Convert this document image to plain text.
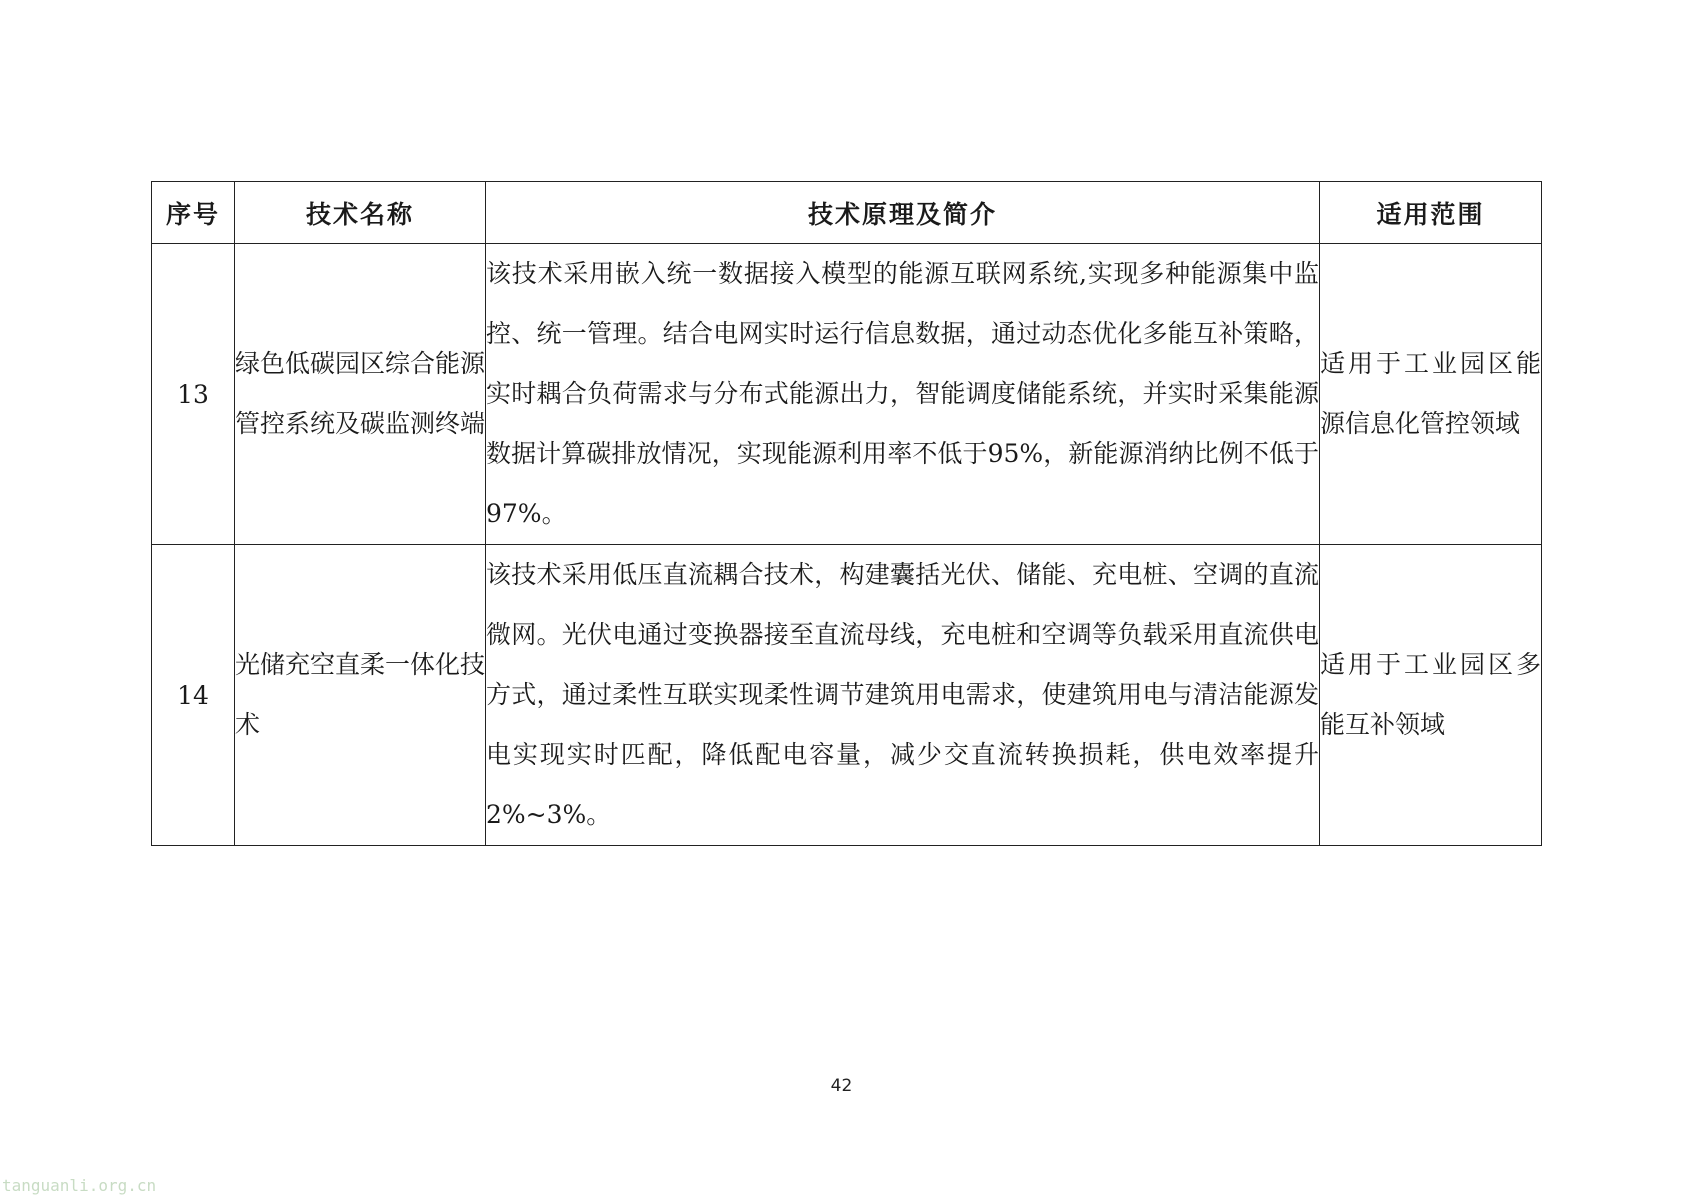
序号	技术名称	技术原理及简介	适用范围
13	绿色低碳园区综合能源管控系统及碳监测终端	该技术采用嵌入统一数据接入模型的能源互联网系统,实现多种能源集中监控、统一管理。结合电网实时运行信息数据，通过动态优化多能互补策略，实时耦合负荷需求与分布式能源出力，智能调度储能系统，并实时采集能源数据计算碳排放情况，实现能源利用率不低于95%，新能源消纳比例不低于97%。	适用于工业园区能源信息化管控领域
14	光储充空直柔一体化技术	该技术采用低压直流耦合技术，构建囊括光伏、储能、充电桩、空调的直流微网。光伏电通过变换器接至直流母线，充电桩和空调等负载采用直流供电方式，通过柔性互联实现柔性调节建筑用电需求，使建筑用电与清洁能源发电实现实时匹配，降低配电容量，减少交直流转换损耗，供电效率提升2%~3%。	适用于工业园区多能互补领域
42
tanguanli.org.cn
